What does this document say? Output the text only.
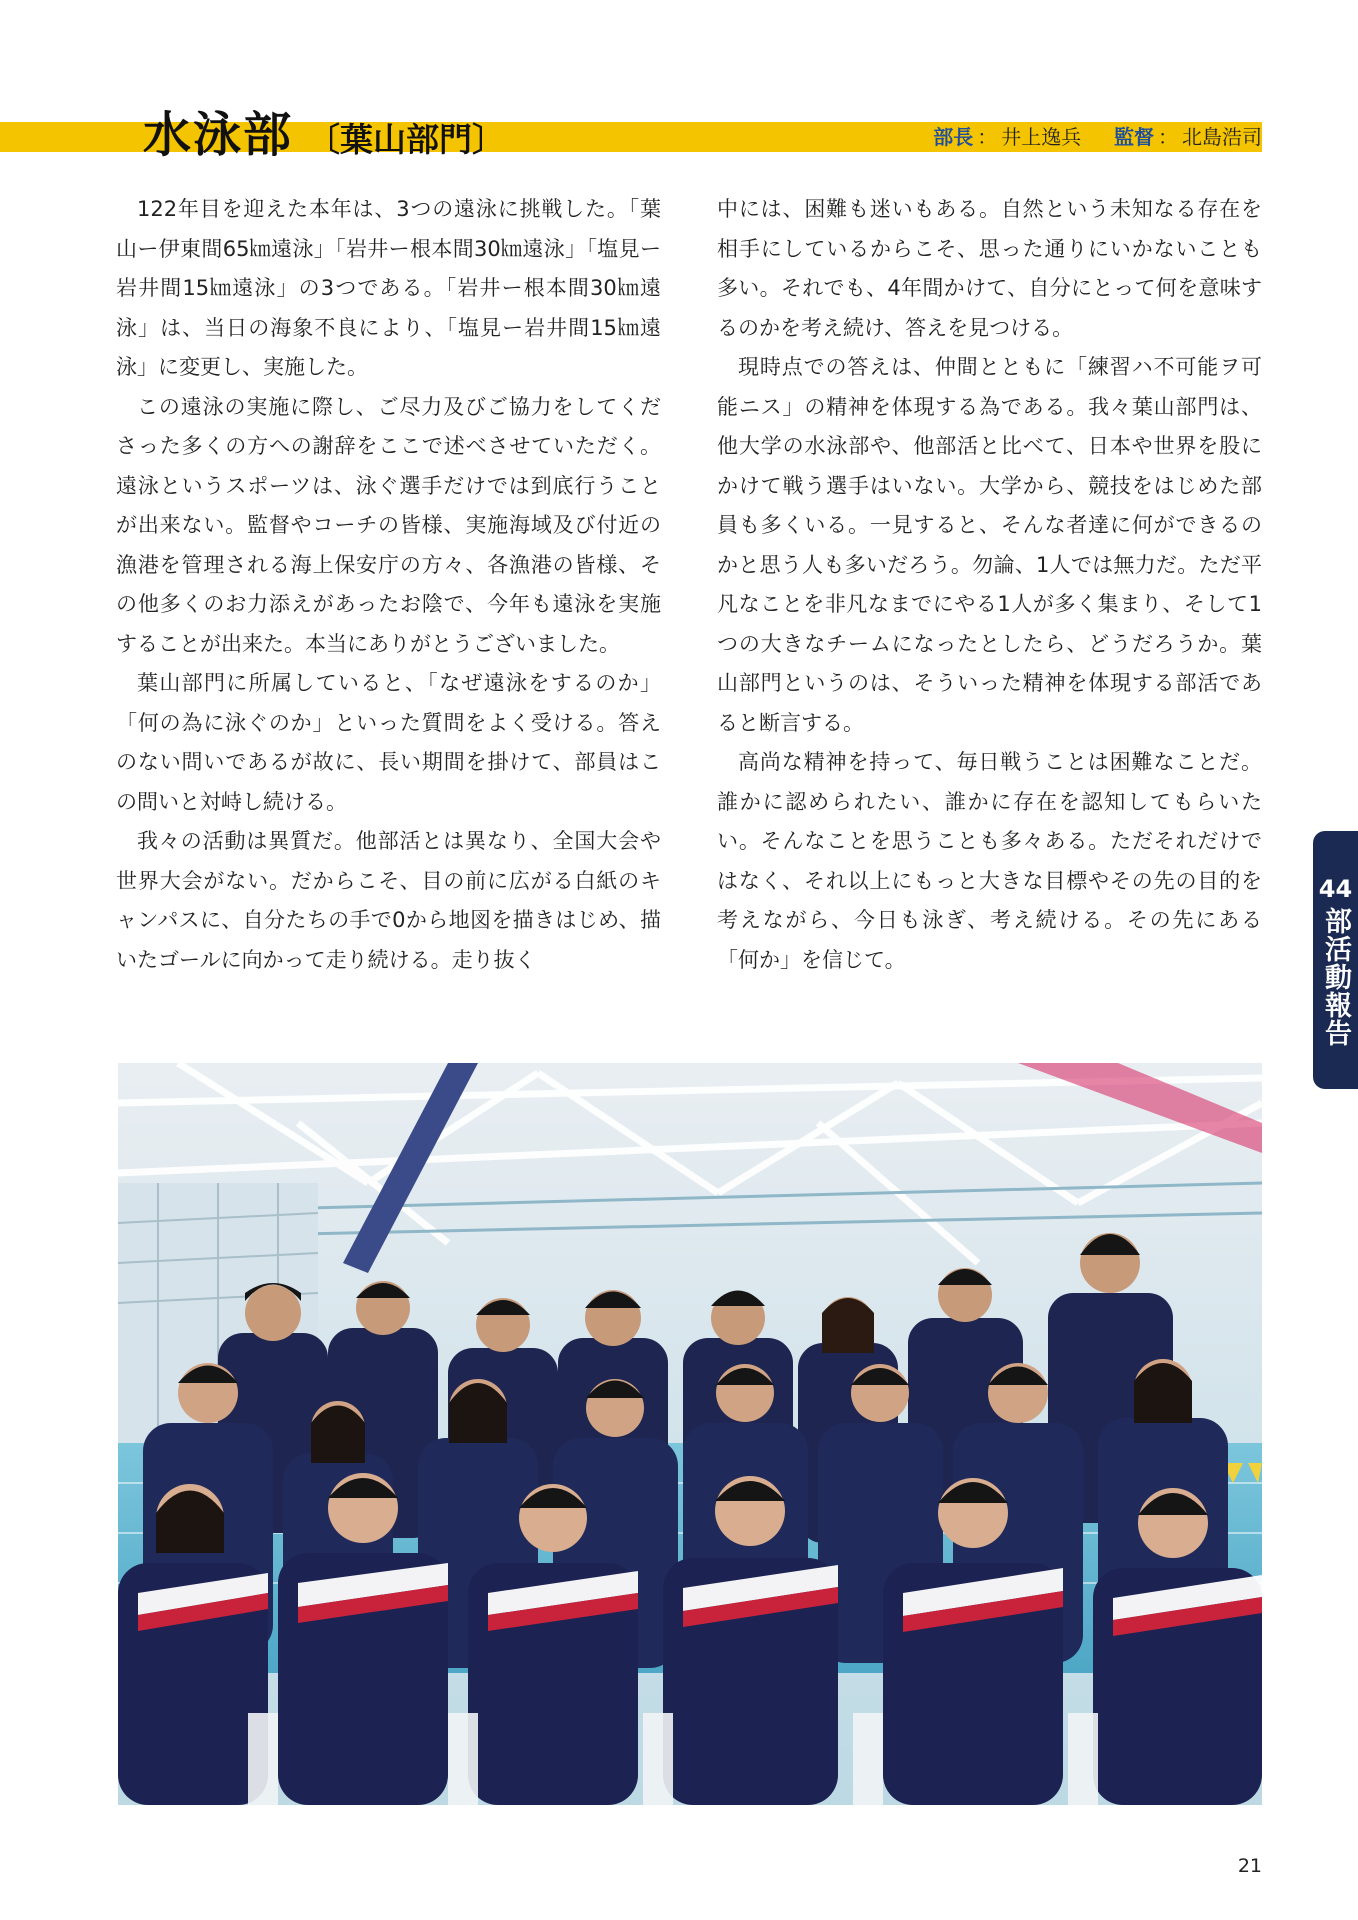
水泳部 〔葉山部門〕	部長 ： 井上逸兵 監督 ： 北島浩司

122年目を迎えた本年は、3つの遠泳に挑戦した。「葉山ー伊東間65㎞遠泳」「岩井ー根本間30㎞遠泳」「塩見ー岩井間15㎞遠泳」の3つである。「岩井ー根本間30㎞遠泳」は、当日の海象不良により、「塩見ー岩井間15㎞遠泳」に変更し、実施した。

この遠泳の実施に際し、ご尽力及びご協力をしてくださった多くの方への謝辞をここで述べさせていただく。遠泳というスポーツは、泳ぐ選手だけでは到底行うことが出来ない。監督やコーチの皆様、実施海域及び付近の漁港を管理される海上保安庁の方々、各漁港の皆様、その他多くのお力添えがあったお陰で、今年も遠泳を実施することが出来た。本当にありがとうございました。

葉山部門に所属していると、「なぜ遠泳をするのか」「何の為に泳ぐのか」といった質問をよく受ける。答えのない問いであるが故に、長い期間を掛けて、部員はこの問いと対峙し続ける。

我々の活動は異質だ。他部活とは異なり、全国大会や世界大会がない。だからこそ、目の前に広がる白紙のキャンパスに、自分たちの手で0から地図を描きはじめ、描いたゴールに向かって走り続ける。走り抜く

中には、困難も迷いもある。自然という未知なる存在を相手にしているからこそ、思った通りにいかないことも多い。それでも、4年間かけて、自分にとって何を意味するのかを考え続け、答えを見つける。

現時点での答えは、仲間とともに「練習ハ不可能ヲ可能ニス」の精神を体現する為である。我々葉山部門は、他大学の水泳部や、他部活と比べて、日本や世界を股にかけて戦う選手はいない。大学から、競技をはじめた部員も多くいる。一見すると、そんな者達に何ができるのかと思う人も多いだろう。勿論、1人では無力だ。ただ平凡なことを非凡なまでにやる1人が多く集まり、そして1つの大きなチームになったとしたら、どうだろうか。葉山部門というのは、そういった精神を体現する部活であると断言する。

高尚な精神を持って、毎日戦うことは困難なことだ。誰かに認められたい、誰かに存在を認知してもらいたい。そんなことを思うことも多々ある。ただそれだけではなく、それ以上にもっと大きな目標やその先の目的を考えながら、今日も泳ぎ、考え続ける。その先にある「何か」を信じて。

44
部活動報告
21
